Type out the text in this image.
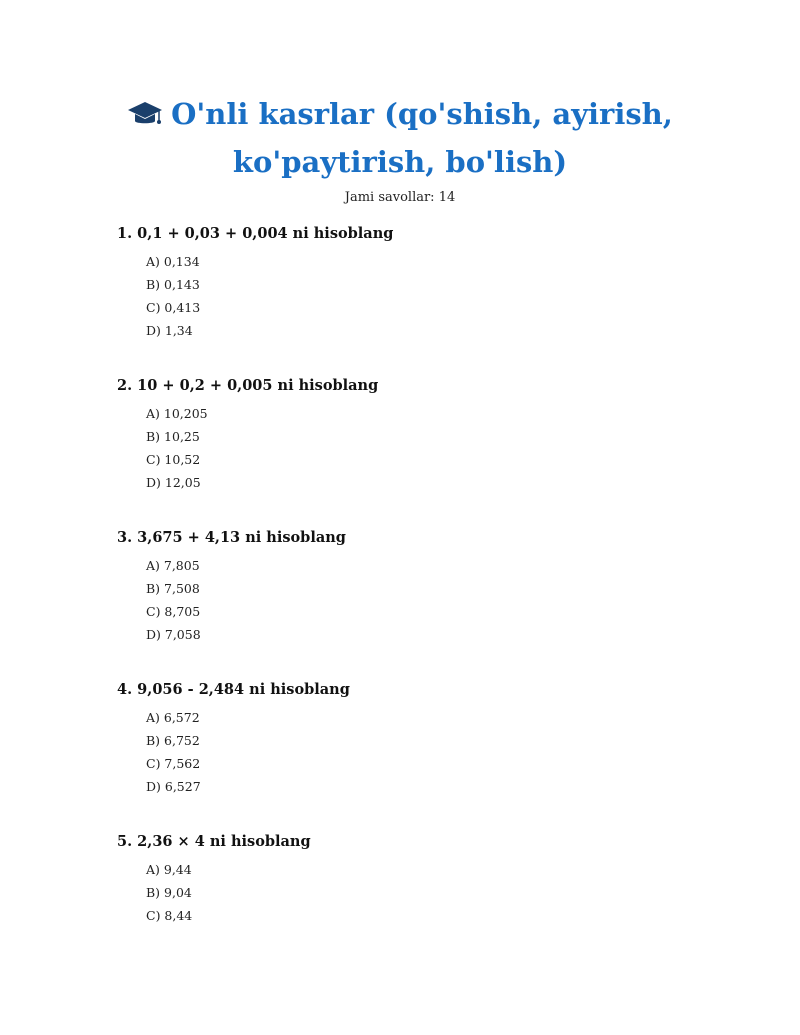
O'nli kasrlar (qo'shish, ayirish,
ko'paytirish, bo'lish)
Jami savollar: 14
1. 0,1 + 0,03 + 0,004 ni hisoblang
A) 0,134
B) 0,143
C) 0,413
D) 1,34
2. 10 + 0,2 + 0,005 ni hisoblang
A) 10,205
B) 10,25
C) 10,52
D) 12,05
3. 3,675 + 4,13 ni hisoblang
A) 7,805
B) 7,508
C) 8,705
D) 7,058
4. 9,056 - 2,484 ni hisoblang
A) 6,572
B) 6,752
C) 7,562
D) 6,527
5. 2,36 × 4 ni hisoblang
A) 9,44
B) 9,04
C) 8,44
